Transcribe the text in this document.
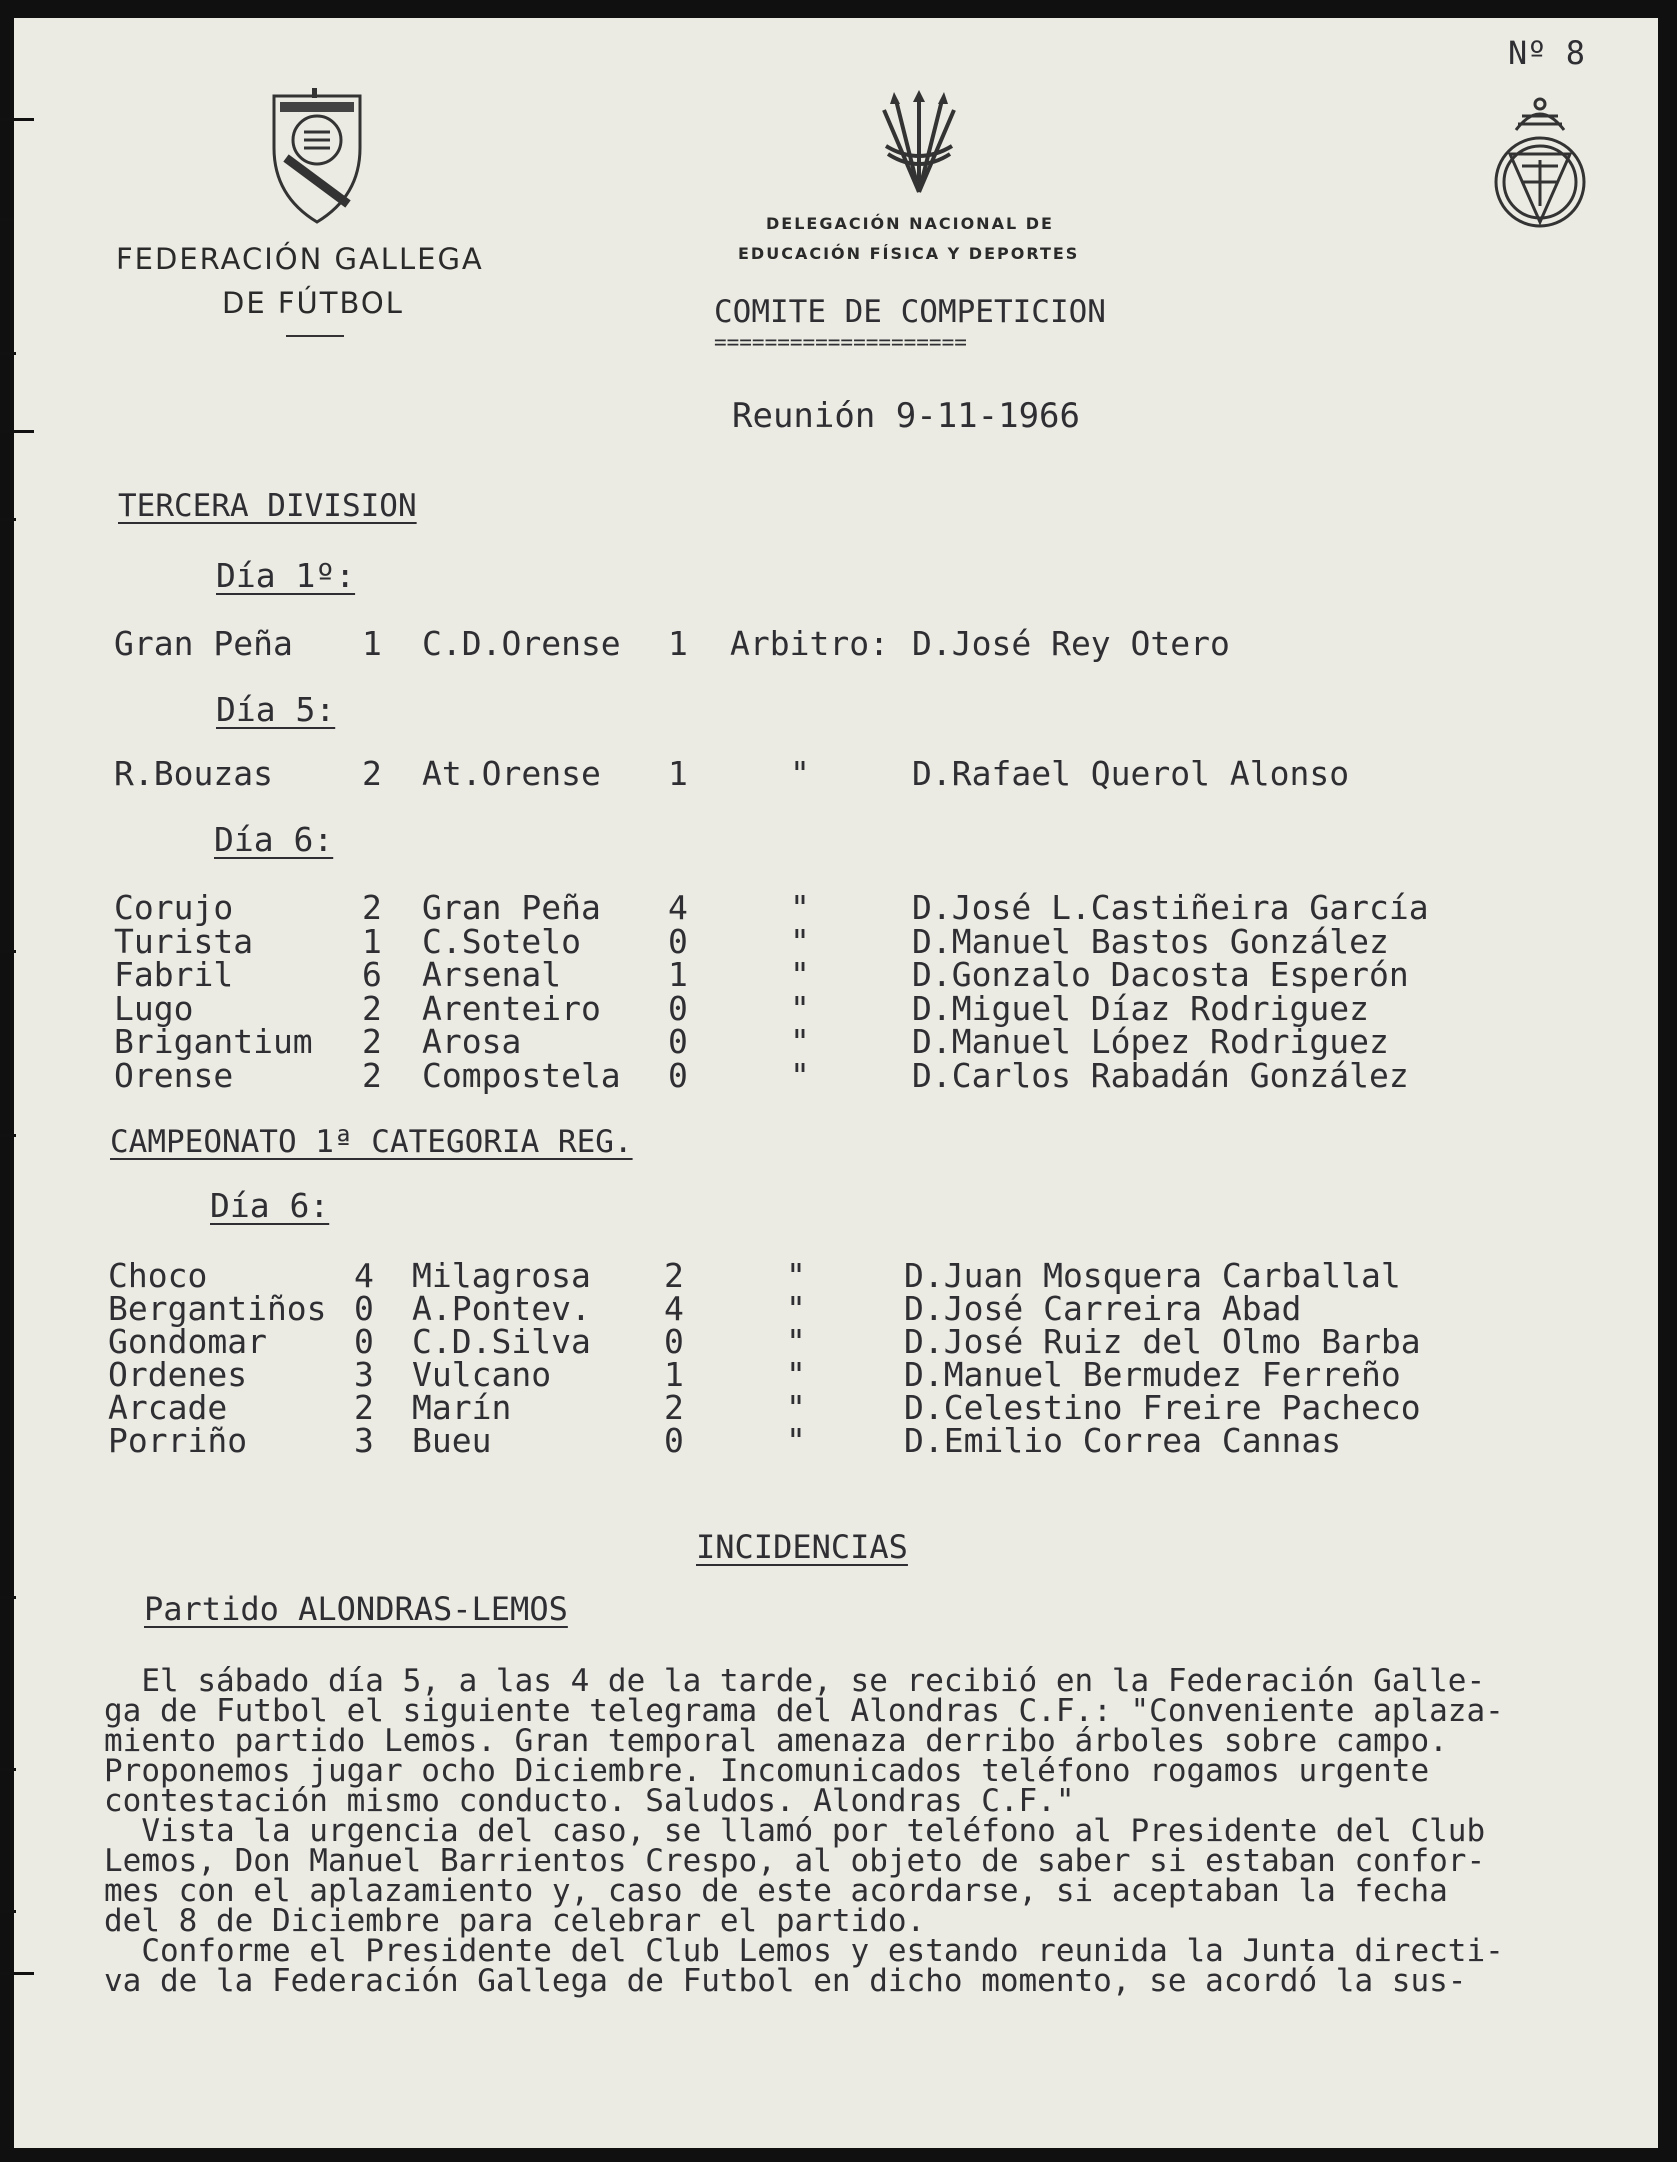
Nº 8
FEDERACIÓN GALLEGA
DE FÚTBOL
DELEGACIÓN NACIONAL DE
EDUCACIÓN FÍSICA Y DEPORTES
COMITE DE COMPETICION
====================
Reunión 9-11-1966
TERCERA DIVISION
Día 1º:
Gran Peña 1 C.D.Orense 1 Arbitro: D.José Rey Otero
Día 5:
R.Bouzas	2 At.Orense 1	"	D.Rafael Querol Alonso
Día 6:
Corujo	2 Gran Peña 4	"	D.José L.Castiñeira García
Turista	1 C.Sotelo	0	"	D.Manuel Bastos González
Fabril	6 Arsenal	1	"	D.Gonzalo Dacosta Esperón
Lugo	2 Arenteiro 0	"	D.Miguel Díaz Rodriguez
Brigantium 2 Arosa	0	"	D.Manuel López Rodriguez
Orense	2 Compostela 0	"	D.Carlos Rabadán González
CAMPEONATO 1ª CATEGORIA REG.
Día 6:
Choco	4 Milagrosa 2	"	D.Juan Mosquera Carballal
Bergantiños 0 A.Pontev. 4	"	D.José Carreira Abad
Gondomar	0 C.D.Silva 0	"	D.José Ruiz del Olmo Barba
Ordenes	3 Vulcano	1	"	D.Manuel Bermudez Ferreño
Arcade	2 Marín	2	"	D.Celestino Freire Pacheco
Porriño	3 Bueu	0	"	D.Emilio Correa Cannas
INCIDENCIAS
Partido ALONDRAS-LEMOS
El sábado día 5, a las 4 de la tarde, se recibió en la Federación Galle-
ga de Futbol el siguiente telegrama del Alondras C.F.: "Conveniente aplaza-
miento partido Lemos. Gran temporal amenaza derribo árboles sobre campo.
Proponemos jugar ocho Diciembre. Incomunicados teléfono rogamos urgente
contestación mismo conducto. Saludos. Alondras C.F."
Vista la urgencia del caso, se llamó por teléfono al Presidente del Club
Lemos, Don Manuel Barrientos Crespo, al objeto de saber si estaban confor-
mes con el aplazamiento y, caso de este acordarse, si aceptaban la fecha
del 8 de Diciembre para celebrar el partido.
Conforme el Presidente del Club Lemos y estando reunida la Junta directi-
va de la Federación Gallega de Futbol en dicho momento, se acordó la sus-
